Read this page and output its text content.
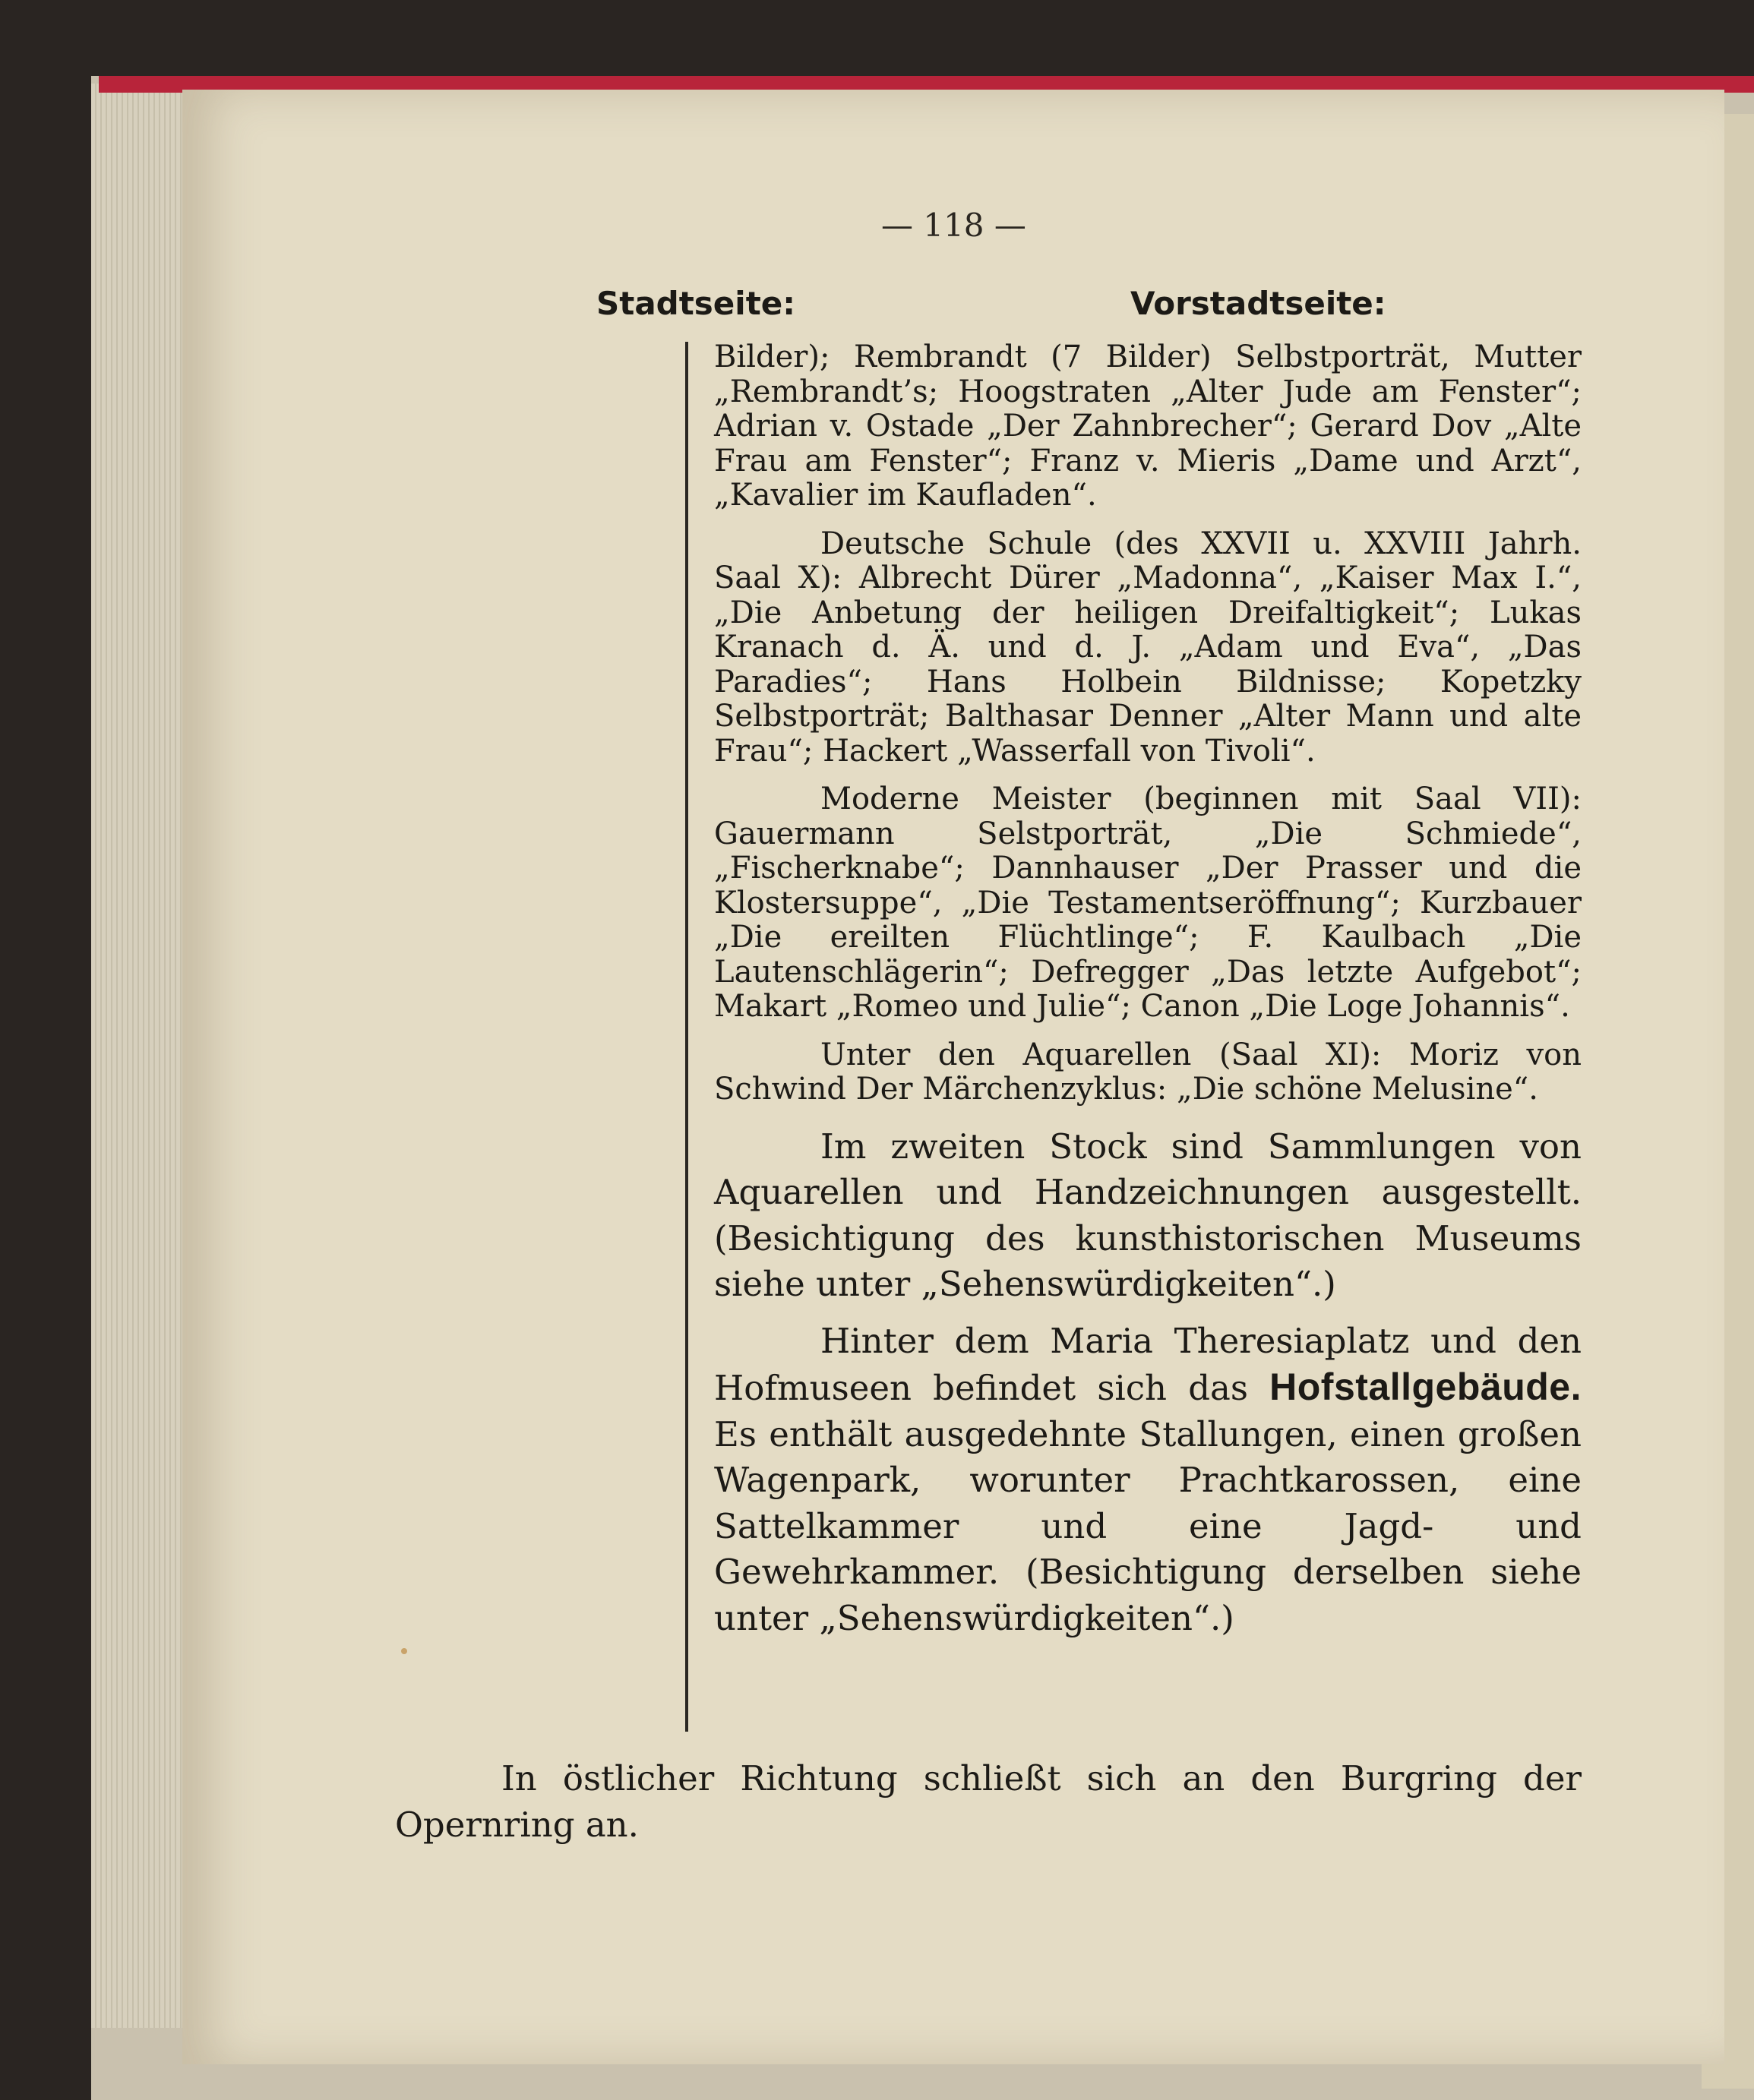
— 118 —
Stadtseite:	Vorstadtseite:

Bilder); Rembrandt (7 Bilder) Selbstporträt, Mutter „Rembrandt’s; Hoogstraten „Alter Jude am Fenster“; Adrian v. Ostade „Der Zahnbrecher“; Gerard Dov „Alte Frau am Fenster“; Franz v. Mieris „Dame und Arzt“, „Kavalier im Kaufladen“.

Deutsche Schule (des XXVII u. XXVIII Jahrh. Saal X): Albrecht Dürer „Madonna“, „Kaiser Max I.“, „Die Anbetung der heiligen Dreifaltigkeit“; Lukas Kranach d. Ä. und d. J. „Adam und Eva“, „Das Paradies“; Hans Holbein Bildnisse; Kopetzky Selbstporträt; Balthasar Denner „Alter Mann und alte Frau“; Hackert „Wasserfall von Tivoli“.

Moderne Meister (beginnen mit Saal VII): Gauermann Selstporträt, „Die Schmiede“, „Fischerknabe“; Dannhauser „Der Prasser und die Klostersuppe“, „Die Testamentseröffnung“; Kurzbauer „Die ereilten Flüchtlinge“; F. Kaulbach „Die Lautenschlägerin“; Defregger „Das letzte Aufgebot“; Makart „Romeo und Julie“; Canon „Die Loge Johannis“.

Unter den Aquarellen (Saal XI): Moriz von Schwind Der Märchenzyklus: „Die schöne Melusine“.

Im zweiten Stock sind Sammlungen von Aquarellen und Handzeichnungen ausgestellt. (Besichtigung des kunsthistorischen Museums siehe unter „Sehenswürdigkeiten“.)

Hinter dem Maria Theresiaplatz und den Hofmuseen befindet sich das Hofstallgebäude. Es enthält ausgedehnte Stallungen, einen großen Wagenpark, worunter Prachtkarossen, eine Sattelkammer und eine Jagd- und Gewehrkammer. (Besichtigung derselben siehe unter „Sehenswürdigkeiten“.)

In östlicher Richtung schließt sich an den Burgring der Opernring an.
